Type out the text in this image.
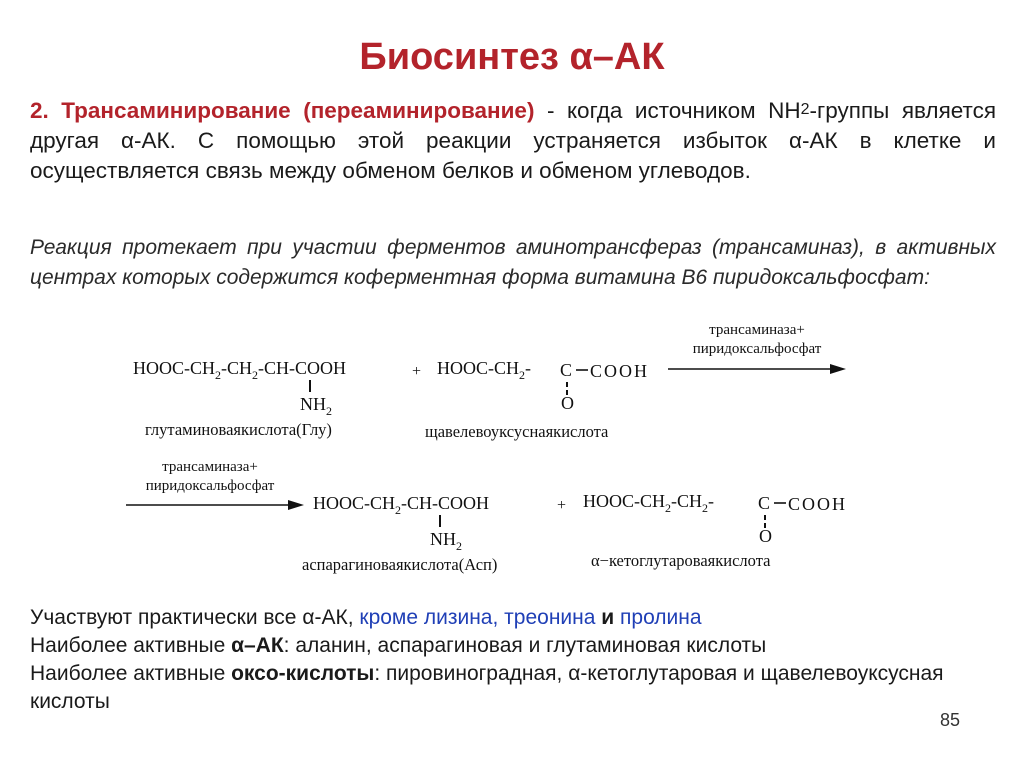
Биосинтез α–АК
2. Трансаминирование (переаминирование) - когда источником NH2-группы является другая α-АК. С помощью этой реакции устраняется избыток α-АК в клетке и осуществляется связь между обменом белков и обменом углеводов.
Реакция протекает при участии ферментов аминотрансфераз (трансаминаз), в активных центрах которых содержится коферментная форма витамина В6 пиридоксальфосфат:
HOOC-$CH_2-CH_2-CH$-COOH
$NH_2$
глутаминоваякислота(Глу)
+ HOOC-$CH_2-$ C COOH
O
щавелевоуксуснаякислота
трансаминаза+
пиридоксальфосфат
трансаминаза+
пиридоксальфосфат
HOOC-$CH_2-CH$-COOH
$NH_2$
аспарагиноваякислота(Асп)
+ HOOC-$CH_2-CH_2-$ C COOH
O
α−кетоглутароваякислота
Участвуют практически все α-АК, кроме лизина, треонина и пролина
Наиболее активные α–АК: аланин, аспарагиновая и глутаминовая кислоты
Наиболее активные оксо-кислоты: пировиноградная, α-кетоглутаровая и щавелевоуксусная кислоты
85
